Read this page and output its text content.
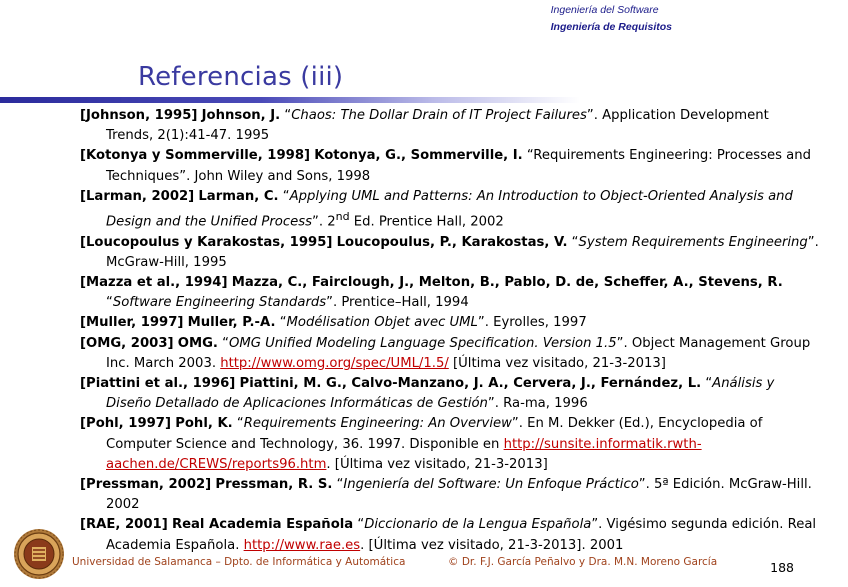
Ingeniería del Software
Ingeniería de Requisitos
Referencias (iii)

[Johnson, 1995] Johnson, J. “Chaos: The Dollar Drain of IT Project Failures”. Application Development Trends, 2(1):41-47. 1995

[Kotonya y Sommerville, 1998] Kotonya, G., Sommerville, I. “Requirements Engineering: Processes and Techniques”. John Wiley and Sons, 1998

[Larman, 2002] Larman, C. “Applying UML and Patterns: An Introduction to Object-Oriented Analysis and Design and the Unified Process”. 2nd Ed. Prentice Hall, 2002

[Loucopoulus y Karakostas, 1995] Loucopoulus, P., Karakostas, V. “System Requirements Engineering”. McGraw-Hill, 1995

[Mazza et al., 1994] Mazza, C., Fairclough, J., Melton, B., Pablo, D. de, Scheffer, A., Stevens, R. “Software Engineering Standards”. Prentice–Hall, 1994

[Muller, 1997] Muller, P.-A. “Modélisation Objet avec UML”. Eyrolles, 1997

[OMG, 2003] OMG. “OMG Unified Modeling Language Specification. Version 1.5”. Object Management Group Inc. March 2003. http://www.omg.org/spec/UML/1.5/ [Última vez visitado, 21-3-2013]

[Piattini et al., 1996] Piattini, M. G., Calvo-Manzano, J. A., Cervera, J., Fernández, L. “Análisis y Diseño Detallado de Aplicaciones Informáticas de Gestión”. Ra-ma, 1996

[Pohl, 1997] Pohl, K. “Requirements Engineering: An Overview”. En M. Dekker (Ed.), Encyclopedia of Computer Science and Technology, 36. 1997. Disponible en http://sunsite.informatik.rwth-aachen.de/CREWS/reports96.htm. [Última vez visitado, 21-3-2013]

[Pressman, 2002] Pressman, R. S. “Ingeniería del Software: Un Enfoque Práctico”. 5ª Edición. McGraw-Hill. 2002

[RAE, 2001] Real Academia Española “Diccionario de la Lengua Española”. Vigésimo segunda edición. Real Academia Española. http://www.rae.es. [Última vez visitado, 21-3-2013]. 2001

Universidad de Salamanca – Dpto. de Informática y Automática	© Dr. F.J. García Peñalvo y Dra. M.N. Moreno García	188
